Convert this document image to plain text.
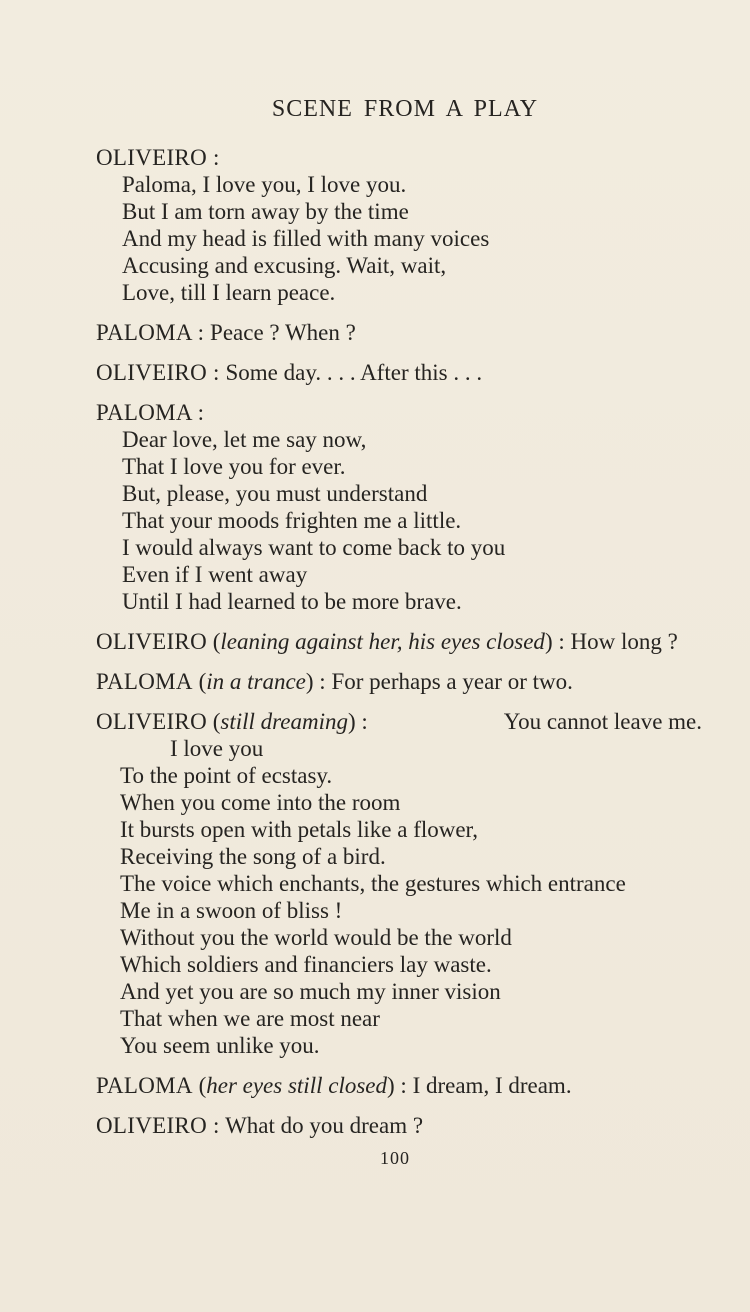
SCENE FROM A PLAY
OLIVEIRO :
Paloma, I love you, I love you.
But I am torn away by the time
And my head is filled with many voices
Accusing and excusing. Wait, wait,
Love, till I learn peace.
PALOMA : Peace ? When ?
OLIVEIRO : Some day. . . . After this . . .
PALOMA :
Dear love, let me say now,
That I love you for ever.
But, please, you must understand
That your moods frighten me a little.
I would always want to come back to you
Even if I went away
Until I had learned to be more brave.
OLIVEIRO (leaning against her, his eyes closed) : How long ?
PALOMA (in a trance) : For perhaps a year or two.
OLIVEIRO (still dreaming) :	You cannot leave me.
I love you
To the point of ecstasy.
When you come into the room
It bursts open with petals like a flower,
Receiving the song of a bird.
The voice which enchants, the gestures which entrance
Me in a swoon of bliss !
Without you the world would be the world
Which soldiers and financiers lay waste.
And yet you are so much my inner vision
That when we are most near
You seem unlike you.
PALOMA (her eyes still closed) : I dream, I dream.
OLIVEIRO : What do you dream ?
100
